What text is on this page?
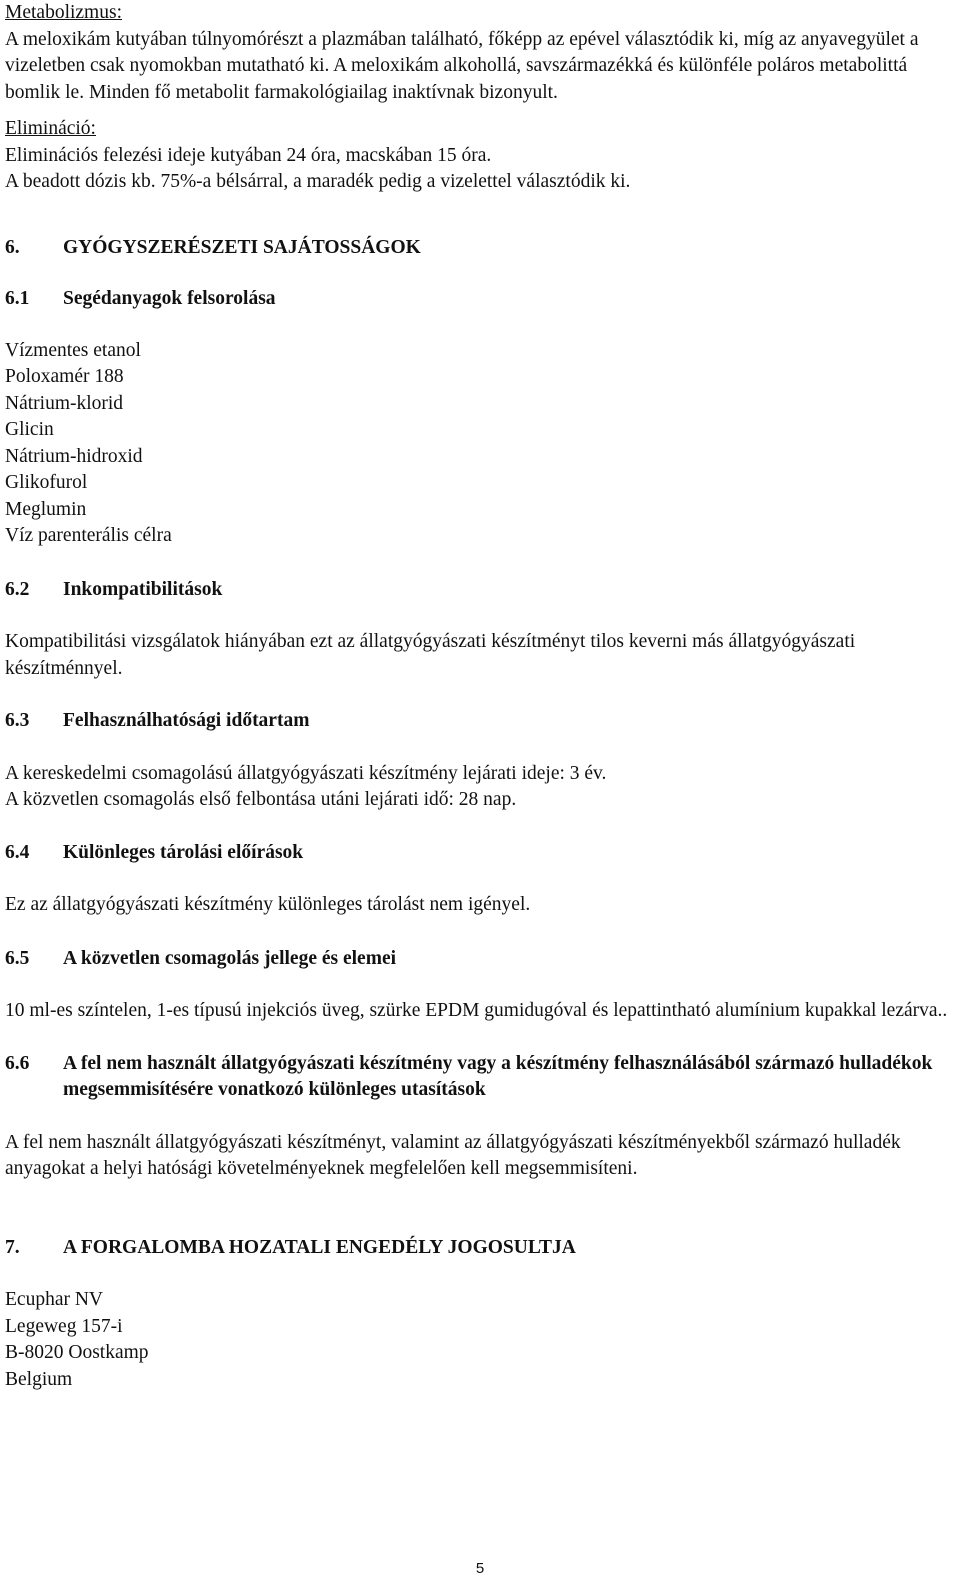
Metabolizmus:

A meloxikám kutyában túlnyomórészt a plazmában található, főképp az epével választódik ki, míg az anyavegyület a vizeletben csak nyomokban mutatható ki. A meloxikám alkohollá, savszármazékká és különféle poláros metabolittá bomlik le. Minden fő metabolit farmakológiailag inaktívnak bizonyult.

Elimináció:

Eliminációs felezési ideje kutyában 24 óra, macskában 15 óra.

A beadott dózis kb. 75%-a bélsárral, a maradék pedig a vizelettel választódik ki.

6.	GYÓGYSZERÉSZETI SAJÁTOSSÁGOK
6.1	Segédanyagok felsorolása
Vízmentes etanol
Poloxamér 188
Nátrium-klorid
Glicin
Nátrium-hidroxid
Glikofurol
Meglumin
Víz parenterális célra
6.2	Inkompatibilitások

Kompatibilitási vizsgálatok hiányában ezt az állatgyógyászati készítményt tilos keverni más állatgyógyászati készítménnyel.

6.3	Felhasználhatósági időtartam

A kereskedelmi csomagolású állatgyógyászati készítmény lejárati ideje: 3 év.

A közvetlen csomagolás első felbontása utáni lejárati idő: 28 nap.

6.4	Különleges tárolási előírások

Ez az állatgyógyászati készítmény különleges tárolást nem igényel.

6.5	A közvetlen csomagolás jellege és elemei

10 ml-es színtelen, 1-es típusú injekciós üveg, szürke EPDM gumidugóval és lepattintható alumínium kupakkal lezárva..

6.6	A fel nem használt állatgyógyászati készítmény vagy a készítmény felhasználásából származó hulladékok megsemmisítésére vonatkozó különleges utasítások

A fel nem használt állatgyógyászati készítményt, valamint az állatgyógyászati készítményekből származó hulladék anyagokat a helyi hatósági követelményeknek megfelelően kell megsemmisíteni.

7.	A FORGALOMBA HOZATALI ENGEDÉLY JOGOSULTJA

Ecuphar NV

Legeweg 157-i

B-8020 Oostkamp

Belgium

5
